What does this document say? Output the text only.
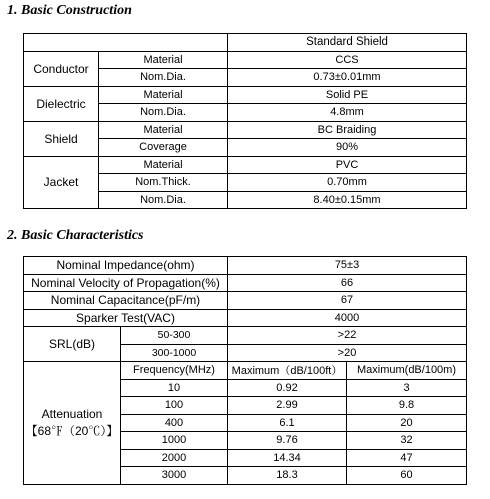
1. Basic Construction
		Standard Shield
Conductor	Material	CCS
	Nom.Dia.	0.73±0.01mm
Dielectric	Material	Solid PE
	Nom.Dia.	4.8mm
Shield	Material	BC Braiding
	Coverage	90%
Jacket	Material	PVC
	Nom.Thick.	0.70mm
	Nom.Dia.	8.40±0.15mm
2. Basic Characteristics
Nominal Impedance(ohm)		75±3	
Nominal Velocity of Propagation(%)		66	
Nominal Capacitance(pF/m)		67	
Sparker Test(VAC)		4000	
SRL(dB)	50-300	>22	
	300-1000	>20	
Attenuation
【68℉（20℃）】	Frequency(MHz)	Maximum（dB/100ft）	Maximum(dB/100m)
	10	0.92	3
	100	2.99	9.8
	400	6.1	20
	1000	9.76	32
	2000	14.34	47
	3000	18.3	60
